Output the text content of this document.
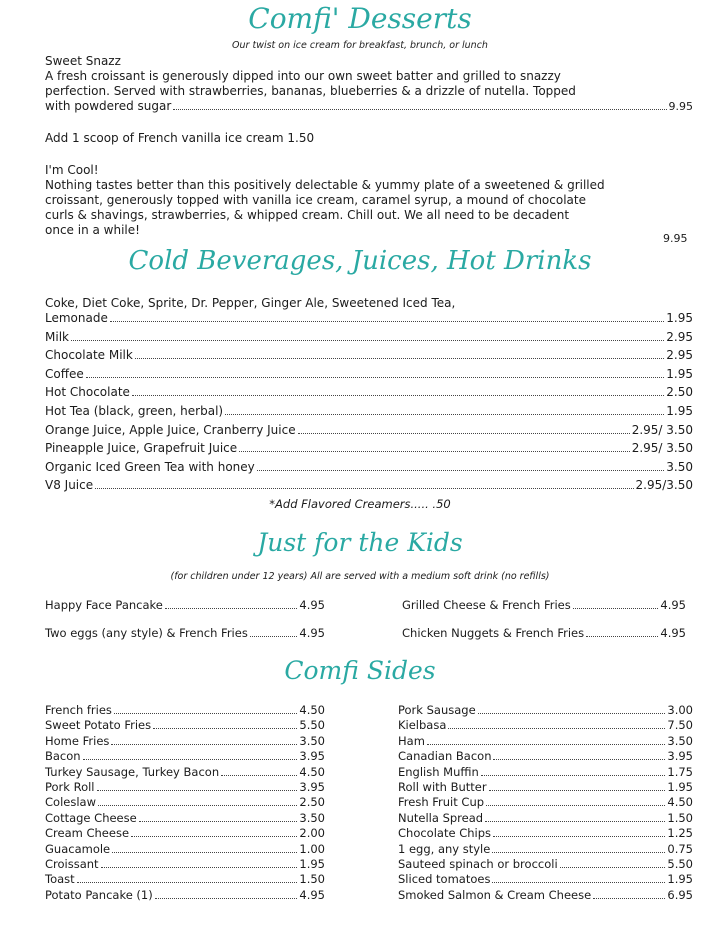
Comfi' Desserts
Our twist on ice cream for breakfast, brunch, or lunch
Sweet Snazz
A fresh croissant is generously dipped into our own sweet batter and grilled to snazzy
perfection. Served with strawberries, bananas, blueberries & a drizzle of nutella. Topped
with powdered sugar	9.95
Add 1 scoop of French vanilla ice cream 1.50
I'm Cool!
Nothing tastes better than this positively delectable & yummy plate of a sweetened & grilled
croissant, generously topped with vanilla ice cream, caramel syrup, a mound of chocolate
curls & shavings, strawberries, & whipped cream. Chill out. We all need to be decadent
once in a while!
9.95
Cold Beverages, Juices, Hot Drinks
Coke, Diet Coke, Sprite, Dr. Pepper, Ginger Ale, Sweetened Iced Tea,
Lemonade	1.95
Milk	2.95
Chocolate Milk	2.95
Coffee	1.95
Hot Chocolate	2.50
Hot Tea (black, green, herbal)	1.95
Orange Juice, Apple Juice, Cranberry Juice	2.95/ 3.50
Pineapple Juice, Grapefruit Juice	2.95/ 3.50
Organic Iced Green Tea with honey	3.50
V8 Juice	2.95/3.50
*Add Flavored Creamers..... .50
Just for the Kids
(for children under 12 years) All are served with a medium soft drink (no refills)
Happy Face Pancake	4.95	Grilled Cheese & French Fries	4.95
Two eggs (any style) & French Fries	4.95	Chicken Nuggets & French Fries	4.95
Comfi Sides
French fries	4.50
Sweet Potato Fries	5.50
Home Fries	3.50
Bacon	3.95
Turkey Sausage, Turkey Bacon	4.50
Pork Roll	3.95
Coleslaw	2.50
Cottage Cheese	3.50
Cream Cheese	2.00
Guacamole	1.00
Croissant	1.95
Toast	1.50
Potato Pancake (1)	4.95
Pork Sausage	3.00
Kielbasa	7.50
Ham	3.50
Canadian Bacon	3.95
English Muffin	1.75
Roll with Butter	1.95
Fresh Fruit Cup	4.50
Nutella Spread	1.50
Chocolate Chips	1.25
1 egg, any style	0.75
Sauteed spinach or broccoli	5.50
Sliced tomatoes	1.95
Smoked Salmon & Cream Cheese	6.95
